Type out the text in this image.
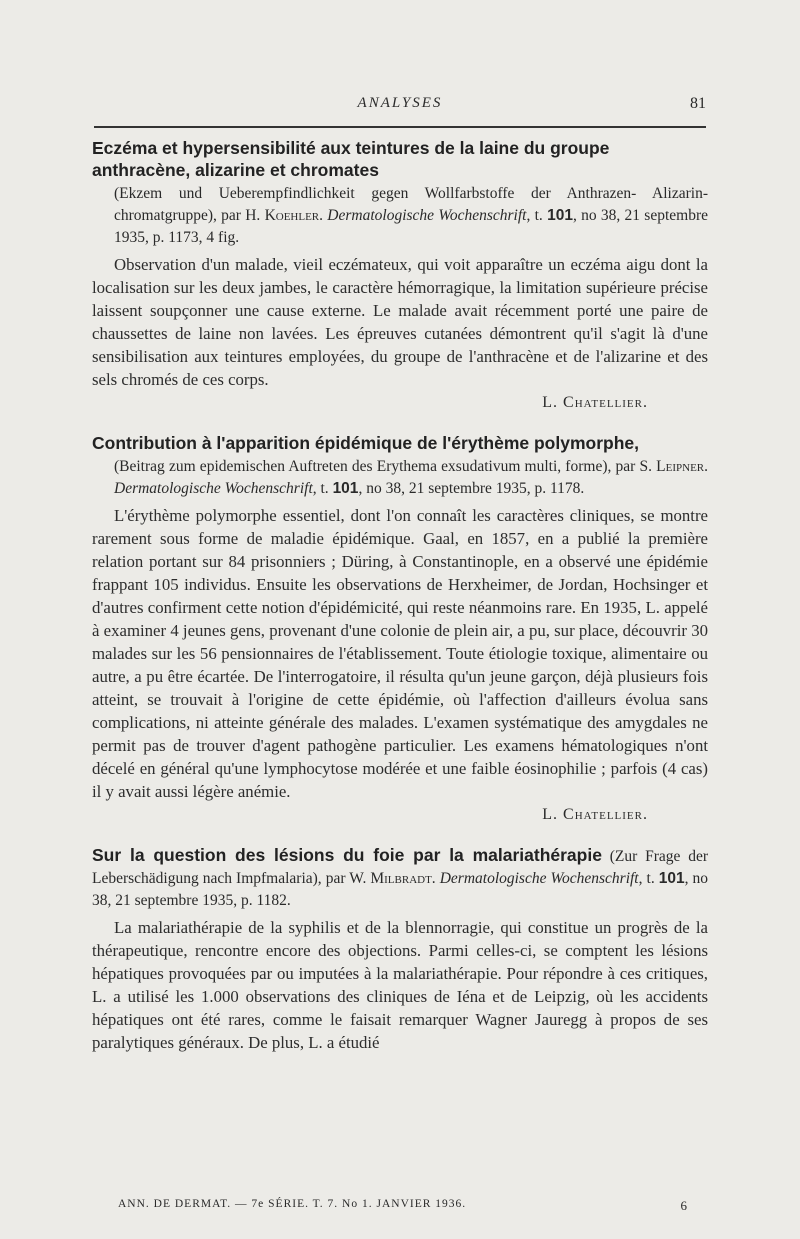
ANALYSES	81
Eczéma et hypersensibilité aux teintures de la laine du groupe anthracène, alizarine et chromates
(Ekzem und Ueberempfindlichkeit gegen Wollfarbstoffe der Anthrazen- Alizarin- chromatgruppe), par H. Koehler. Dermatologische Wochenschrift, t. 101, no 38, 21 septembre 1935, p. 1173, 4 fig.

Observation d'un malade, vieil eczémateux, qui voit apparaître un eczéma aigu dont la localisation sur les deux jambes, le caractère hémorragique, la limitation supérieure précise laissent soupçonner une cause externe. Le malade avait récemment porté une paire de chaussettes de laine non lavées. Les épreuves cutanées démontrent qu'il s'agit là d'une sensibilisation aux teintures employées, du groupe de l'anthracène et de l'alizarine et des sels chromés de ces corps.

L. Chatellier.
Contribution à l'apparition épidémique de l'érythème polymorphe,
(Beitrag zum epidemischen Auftreten des Erythema exsudativum multi, forme), par S. Leipner. Dermatologische Wochenschrift, t. 101, no 38, 21 septembre 1935, p. 1178.

L'érythème polymorphe essentiel, dont l'on connaît les caractères cliniques, se montre rarement sous forme de maladie épidémique. Gaal, en 1857, en a publié la première relation portant sur 84 prisonniers ; Düring, à Constantinople, en a observé une épidémie frappant 105 individus. Ensuite les observations de Herxheimer, de Jordan, Hochsinger et d'autres confirment cette notion d'épidémicité, qui reste néanmoins rare. En 1935, L. appelé à examiner 4 jeunes gens, provenant d'une colonie de plein air, a pu, sur place, découvrir 30 malades sur les 56 pensionnaires de l'établissement. Toute étiologie toxique, alimentaire ou autre, a pu être écartée. De l'interrogatoire, il résulta qu'un jeune garçon, déjà plusieurs fois atteint, se trouvait à l'origine de cette épidémie, où l'affection d'ailleurs évolua sans complications, ni atteinte générale des malades. L'examen systématique des amygdales ne permit pas de trouver d'agent pathogène particulier. Les examens hématologiques n'ont décelé en général qu'une lymphocytose modérée et une faible éosinophilie ; parfois (4 cas) il y avait aussi légère anémie.

L. Chatellier.
Sur la question des lésions du foie par la malariathérapie (Zur Frage der Leberschädigung nach Impfmalaria), par W. Milbradt. Dermatologische Wochenschrift, t. 101, no 38, 21 septembre 1935, p. 1182.

La malariathérapie de la syphilis et de la blennorragie, qui constitue un progrès de la thérapeutique, rencontre encore des objections. Parmi celles-ci, se comptent les lésions hépatiques provoquées par ou imputées à la malariathérapie. Pour répondre à ces critiques, L. a utilisé les 1.000 observations des cliniques de Iéna et de Leipzig, où les accidents hépatiques ont été rares, comme le faisait remarquer Wagner Jauregg à propos de ses paralytiques généraux. De plus, L. a étudié

ANN. DE DERMAT. — 7e SÉRIE. T. 7. No 1. JANVIER 1936.	6
